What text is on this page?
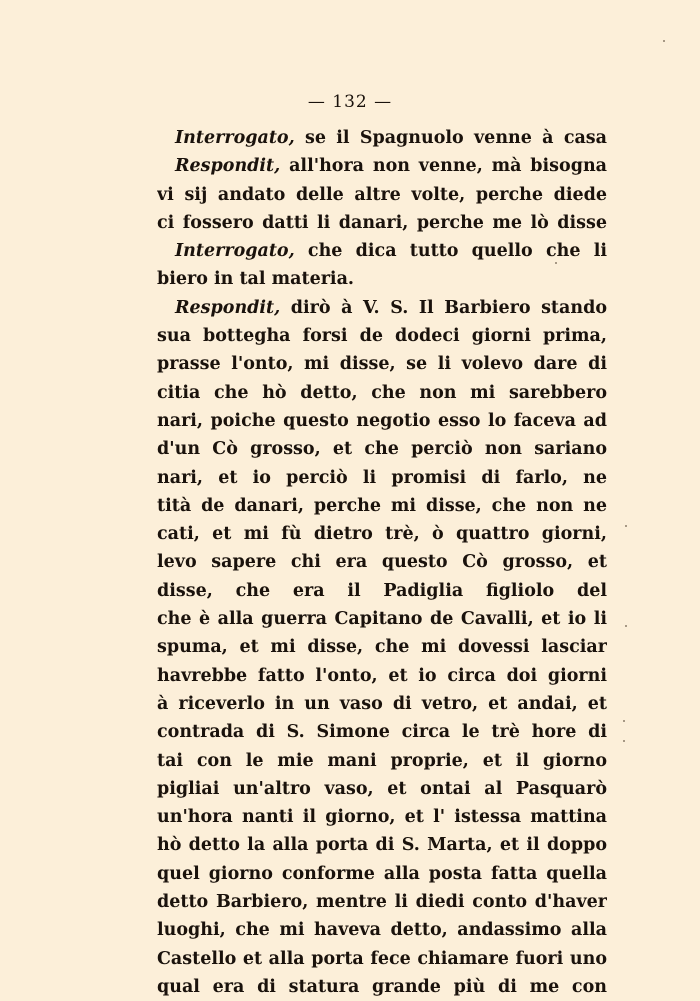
— 132 —
Interrogato, se il Spagnuolo venne à casa
Respondit, all'hora non venne, mà bisogna
vi sij andato delle altre volte, perche diede
ci fossero datti li danari, perche me lò disse
Interrogato, che dica tutto quello che li
biero in tal materia.
Respondit, dirò à V. S. Il Barbiero stando
sua bottegha forsi de dodeci giorni prima,
prasse l'onto, mi disse, se li volevo dare di
citia che hò detto, che non mi sarebbero
nari, poiche questo negotio esso lo faceva ad
d'un Cò grosso, et che perciò non sariano
nari, et io perciò li promisi di farlo, ne
tità de danari, perche mi disse, che non ne
cati, et mi fù dietro trè, ò quattro giorni,
levo sapere chi era questo Cò grosso, et
disse, che era il Padiglia figliolo del
che è alla guerra Capitano de Cavalli, et io li
spuma, et mi disse, che mi dovessi lasciar
havrebbe fatto l'onto, et io circa doi giorni
à riceverlo in un vaso di vetro, et andai, et
contrada di S. Simone circa le trè hore di
tai con le mie mani proprie, et il giorno
pigliai un'altro vaso, et ontai al Pasquarò
un'hora nanti il giorno, et l' istessa mattina
hò detto la alla porta di S. Marta, et il doppo
quel giorno conforme alla posta fatta quella
detto Barbiero, mentre li diedi conto d'haver
luoghi, che mi haveva detto, andassimo alla
Castello et alla porta fece chiamare fuori uno
qual era di statura grande più di me con
